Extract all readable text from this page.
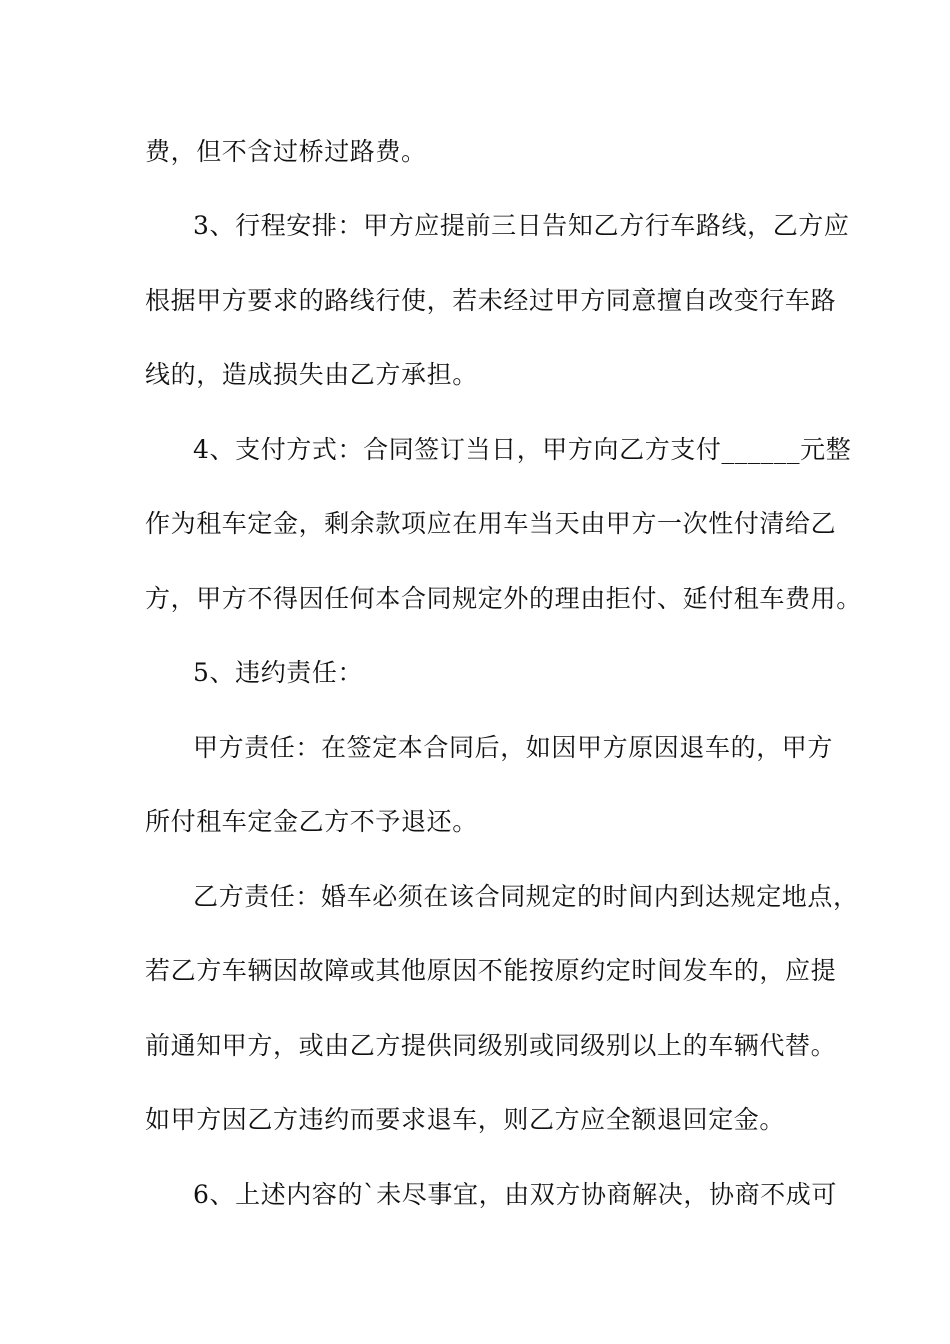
费，但不含过桥过路费。
3、行程安排：甲方应提前三日告知乙方行车路线，乙方应
根据甲方要求的路线行使，若未经过甲方同意擅自改变行车路
线的，造成损失由乙方承担。
4、支付方式：合同签订当日，甲方向乙方支付______元整
作为租车定金，剩余款项应在用车当天由甲方一次性付清给乙
方，甲方不得因任何本合同规定外的理由拒付、延付租车费用。
5、违约责任：
甲方责任：在签定本合同后，如因甲方原因退车的，甲方
所付租车定金乙方不予退还。
乙方责任：婚车必须在该合同规定的时间内到达规定地点，
若乙方车辆因故障或其他原因不能按原约定时间发车的，应提
前通知甲方，或由乙方提供同级别或同级别以上的车辆代替。
如甲方因乙方违约而要求退车，则乙方应全额退回定金。
6、上述内容的`未尽事宜，由双方协商解决，协商不成可
